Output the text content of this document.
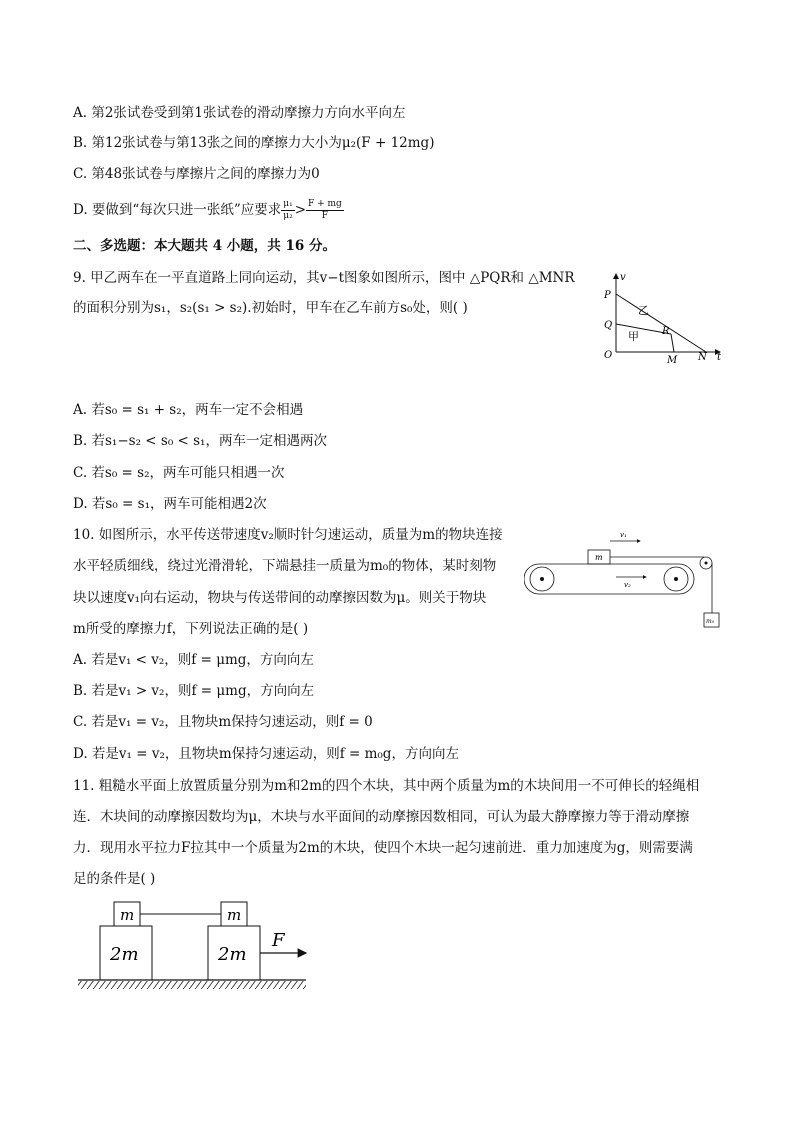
A. 第2张试卷受到第1张试卷的滑动摩擦力方向水平向左
B. 第12张试卷与第13张之间的摩擦力大小为μ₂(F + 12mg)
C. 第48张试卷与摩擦片之间的摩擦力为0
D. 要做到“每次只进一张纸”应要求 $\frac{\text{μ₁}}{\text{μ₂}} > \frac{F + mg}{F}$
二、多选题：本大题共 4 小题，共 16 分。
9. 甲乙两车在一平直道路上同向运动，其v−t图象如图所示，图中 △PQR和 △MNR
的面积分别为s₁，s₂(s₁ > s₂).初始时，甲车在乙车前方s₀处，则( )
v
t
P
Q
O
R
M N
乙
甲
A. 若s₀ = s₁ + s₂，两车一定不会相遇
B. 若s₁−s₂ < s₀ < s₁，两车一定相遇两次
C. 若s₀ = s₂，两车可能只相遇一次
D. 若s₀ = s₁，两车可能相遇2次
10. 如图所示，水平传送带速度v₂顺时针匀速运动，质量为m的物块连接
水平轻质细线，绕过光滑滑轮，下端悬挂一质量为m₀的物体，某时刻物
块以速度v₁向右运动，物块与传送带间的动摩擦因数为μ。则关于物块
m所受的摩擦力f，下列说法正确的是( )
v₁
m
v₂
m₀
A. 若是v₁ < v₂，则f = μmg，方向向左
B. 若是v₁ > v₂，则f = μmg，方向向左
C. 若是v₁ = v₂，且物块m保持匀速运动，则f = 0
D. 若是v₁ = v₂，且物块m保持匀速运动，则f = m₀g，方向向左
11. 粗糙水平面上放置质量分别为m和2m的四个木块，其中两个质量为m的木块间用一不可伸长的轻绳相
连．木块间的动摩擦因数均为μ，木块与水平面间的动摩擦因数相同，可认为最大静摩擦力等于滑动摩擦
力．现用水平拉力F拉其中一个质量为2m的木块，使四个木块一起匀速前进．重力加速度为g，则需要满
足的条件是( )
m	m
2m	2m
F
